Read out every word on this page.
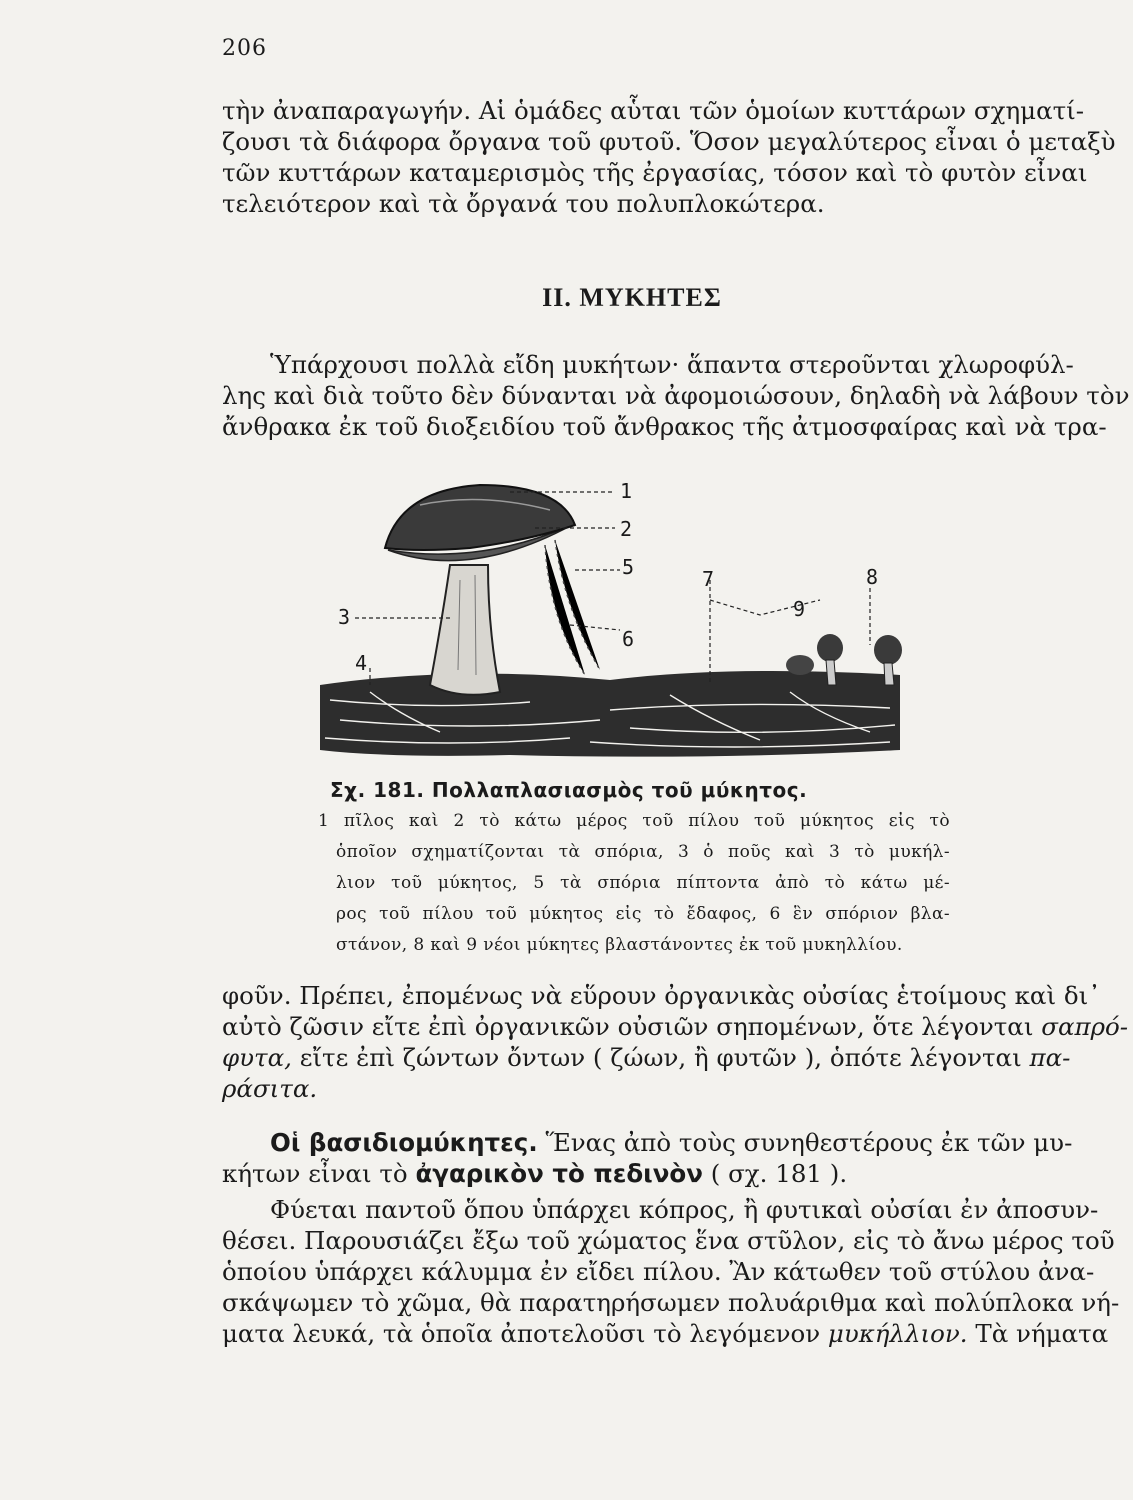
206

τὴν ἀναπαραγωγήν. Αἱ ὁμάδες αὗται τῶν ὁμοίων κυττάρων σχηματί-
ζουσι τὰ διάφορα ὄργανα τοῦ φυτοῦ. Ὅσον μεγαλύτερος εἶναι ὁ μεταξὺ
τῶν κυττάρων καταμερισμὸς τῆς ἐργασίας, τόσον καὶ τὸ φυτὸν εἶναι
τελειότερον καὶ τὰ ὄργανά του πολυπλοκώτερα.

II. ΜΥΚΗΤΕΣ

Ὑπάρχουσι πολλὰ εἴδη μυκήτων· ἅπαντα στεροῦνται χλωροφύλ-
λης καὶ διὰ τοῦτο δὲν δύνανται νὰ ἀφομοιώσουν, δηλαδὴ νὰ λάβουν τὸν
ἄνθρακα ἐκ τοῦ διοξειδίου τοῦ ἄνθρακος τῆς ἀτμοσφαίρας καὶ νὰ τρα-

1
2
5	7	8
9
3
6
4
Σχ. 181. Πολλαπλασιασμὸς τοῦ μύκητος.
1 πῖλος καὶ 2 τὸ κάτω μέρος τοῦ πίλου τοῦ μύκητος εἰς τὸ
ὁποῖον σχηματίζονται τὰ σπόρια, 3 ὁ ποῦς καὶ 3 τὸ μυκήλ-
λιον τοῦ μύκητος, 5 τὰ σπόρια πίπτοντα ἀπὸ τὸ κάτω μέ-
ρος τοῦ πίλου τοῦ μύκητος εἰς τὸ ἔδαφος, 6 ἓν σπόριον βλα-
στάνον, 8 καὶ 9 νέοι μύκητες βλαστάνοντες ἐκ τοῦ μυκηλλίου.

φοῦν. Πρέπει, ἐπομένως νὰ εὕρουν ὀργανικὰς οὐσίας ἑτοίμους καὶ δι᾽
αὐτὸ ζῶσιν εἴτε ἐπὶ ὀργανικῶν οὐσιῶν σηπομένων, ὅτε λέγονται σαπρό-
φυτα, εἴτε ἐπὶ ζώντων ὄντων ( ζώων, ἢ φυτῶν ), ὁπότε λέγονται πα-
ράσιτα.

Οἱ βασιδιομύκητες. Ἕνας ἀπὸ τοὺς συνηθεστέρους ἐκ τῶν μυ-
κήτων εἶναι τὸ ἀγαρικὸν τὸ πεδινὸν ( σχ. 181 ).

Φύεται παντοῦ ὅπου ὑπάρχει κόπρος, ἢ φυτικαὶ οὐσίαι ἐν ἀποσυν-
θέσει. Παρουσιάζει ἔξω τοῦ χώματος ἕνα στῦλον, εἰς τὸ ἄνω μέρος τοῦ
ὁποίου ὑπάρχει κάλυμμα ἐν εἴδει πίλου. Ἂν κάτωθεν τοῦ στύλου ἀνα-
σκάψωμεν τὸ χῶμα, θὰ παρατηρήσωμεν πολυάριθμα καὶ πολύπλοκα νή-
ματα λευκά, τὰ ὁποῖα ἀποτελοῦσι τὸ λεγόμενον μυκήλλιον. Τὰ νήματα
